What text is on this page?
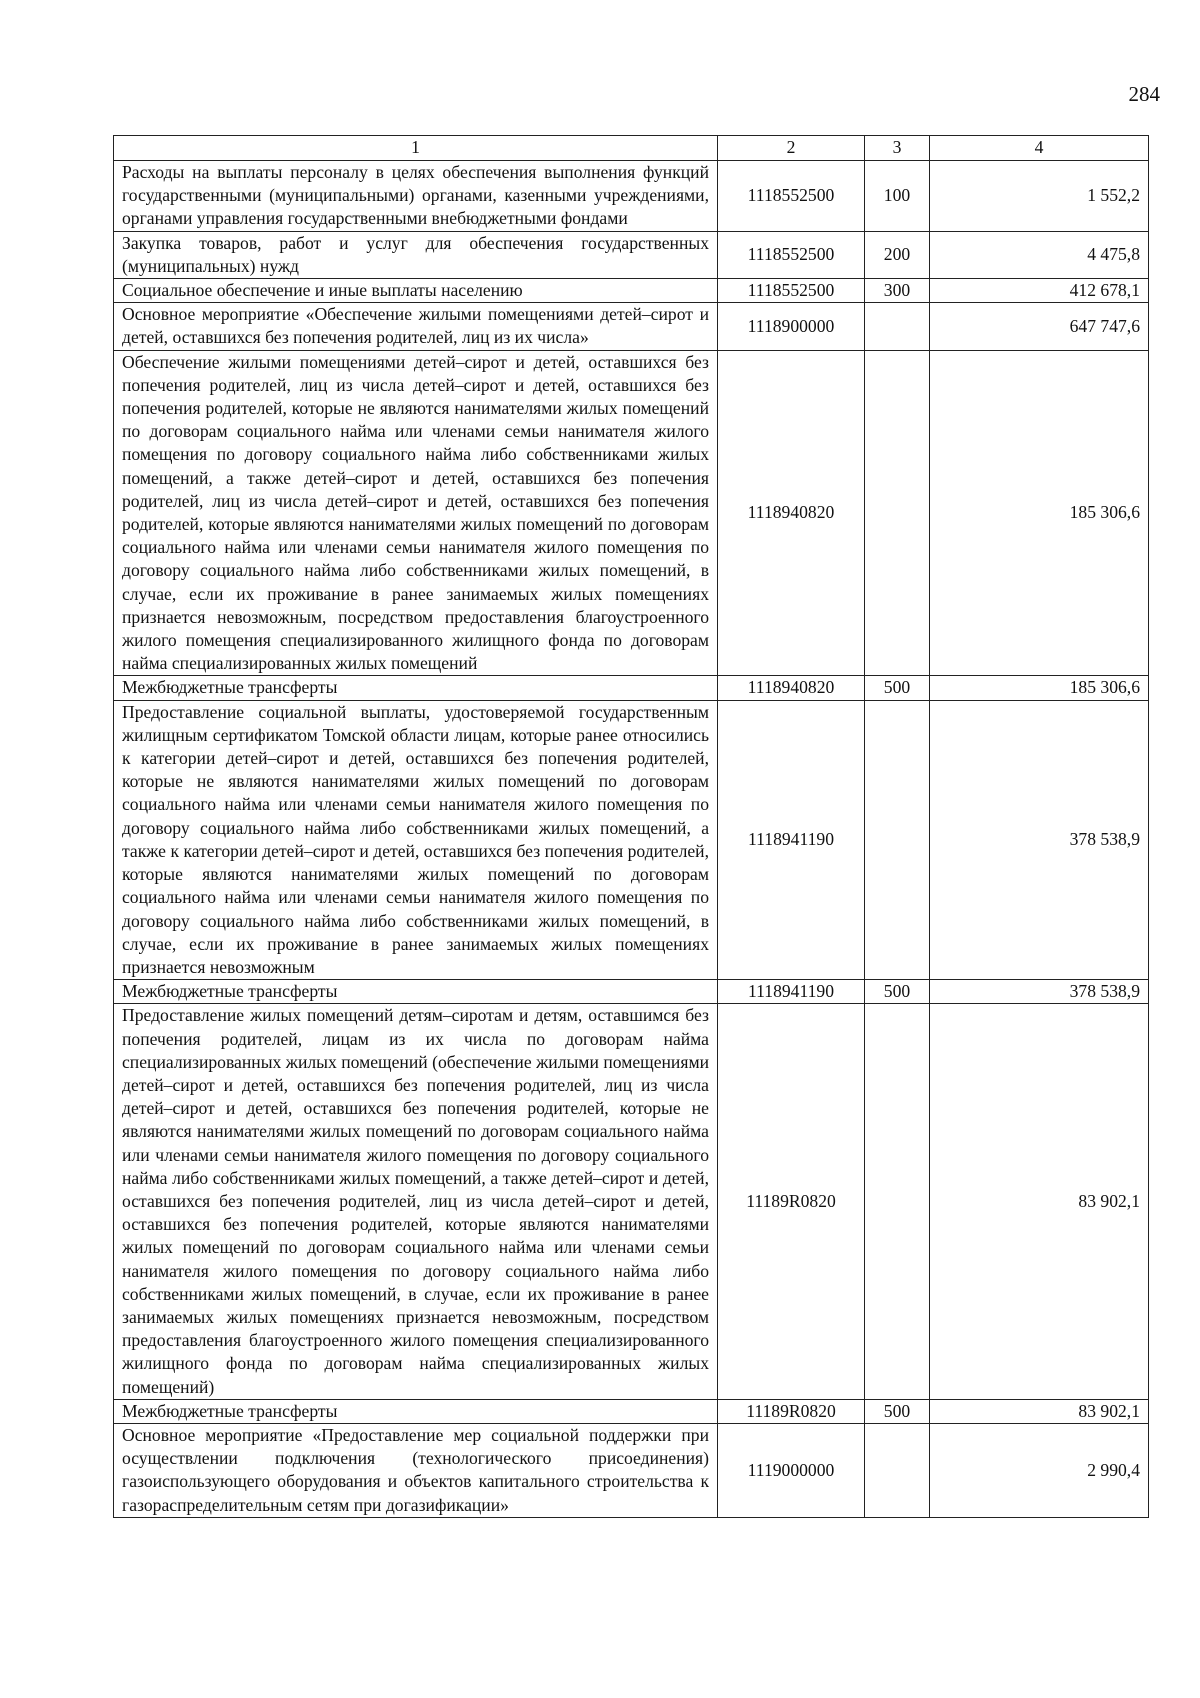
284
1	2	3	4
Расходы на выплаты персоналу в целях обеспечения выполнения функций государственными (муниципальными) органами, казенными учреждениями, органами управления государственными внебюджетными фондами	1118552500	100	1 552,2
Закупка товаров, работ и услуг для обеспечения государственных (муниципальных) нужд	1118552500	200	4 475,8
Социальное обеспечение и иные выплаты населению	1118552500	300	412 678,1
Основное мероприятие «Обеспечение жилыми помещениями детей–сирот и детей, оставшихся без попечения родителей, лиц из их числа»	1118900000		647 747,6
Обеспечение жилыми помещениями детей–сирот и детей, оставшихся без попечения родителей, лиц из числа детей–сирот и детей, оставшихся без попечения родителей, которые не являются нанимателями жилых помещений по договорам социального найма или членами семьи нанимателя жилого помещения по договору социального найма либо собственниками жилых помещений, а также детей–сирот и детей, оставшихся без попечения родителей, лиц из числа детей–сирот и детей, оставшихся без попечения родителей, которые являются нанимателями жилых помещений по договорам социального найма или членами семьи нанимателя жилого помещения по договору социального найма либо собственниками жилых помещений, в случае, если их проживание в ранее занимаемых жилых помещениях признается невозможным, посредством предоставления благоустроенного жилого помещения специализированного жилищного фонда по договорам найма специализированных жилых помещений	1118940820		185 306,6
Межбюджетные трансферты	1118940820	500	185 306,6
Предоставление социальной выплаты, удостоверяемой государственным жилищным сертификатом Томской области лицам, которые ранее относились к категории детей–сирот и детей, оставшихся без попечения родителей, которые не являются нанимателями жилых помещений по договорам социального найма или членами семьи нанимателя жилого помещения по договору социального найма либо собственниками жилых помещений, а также к категории детей–сирот и детей, оставшихся без попечения родителей, которые являются нанимателями жилых помещений по договорам социального найма или членами семьи нанимателя жилого помещения по договору социального найма либо собственниками жилых помещений, в случае, если их проживание в ранее занимаемых жилых помещениях признается невозможным	1118941190		378 538,9
Межбюджетные трансферты	1118941190	500	378 538,9
Предоставление жилых помещений детям–сиротам и детям, оставшимся без попечения родителей, лицам из их числа по договорам найма специализированных жилых помещений (обеспечение жилыми помещениями детей–сирот и детей, оставшихся без попечения родителей, лиц из числа детей–сирот и детей, оставшихся без попечения родителей, которые не являются нанимателями жилых помещений по договорам социального найма или членами семьи нанимателя жилого помещения по договору социального найма либо собственниками жилых помещений, а также детей–сирот и детей, оставшихся без попечения родителей, лиц из числа детей–сирот и детей, оставшихся без попечения родителей, которые являются нанимателями жилых помещений по договорам социального найма или членами семьи нанимателя жилого помещения по договору социального найма либо собственниками жилых помещений, в случае, если их проживание в ранее занимаемых жилых помещениях признается невозможным, посредством предоставления благоустроенного жилого помещения специализированного жилищного фонда по договорам найма специализированных жилых помещений)	11189R0820		83 902,1
Межбюджетные трансферты	11189R0820	500	83 902,1
Основное мероприятие «Предоставление мер социальной поддержки при осуществлении подключения (технологического присоединения) газоиспользующего оборудования и объектов капитального строительства к газораспределительным сетям при догазификации»	1119000000		2 990,4
